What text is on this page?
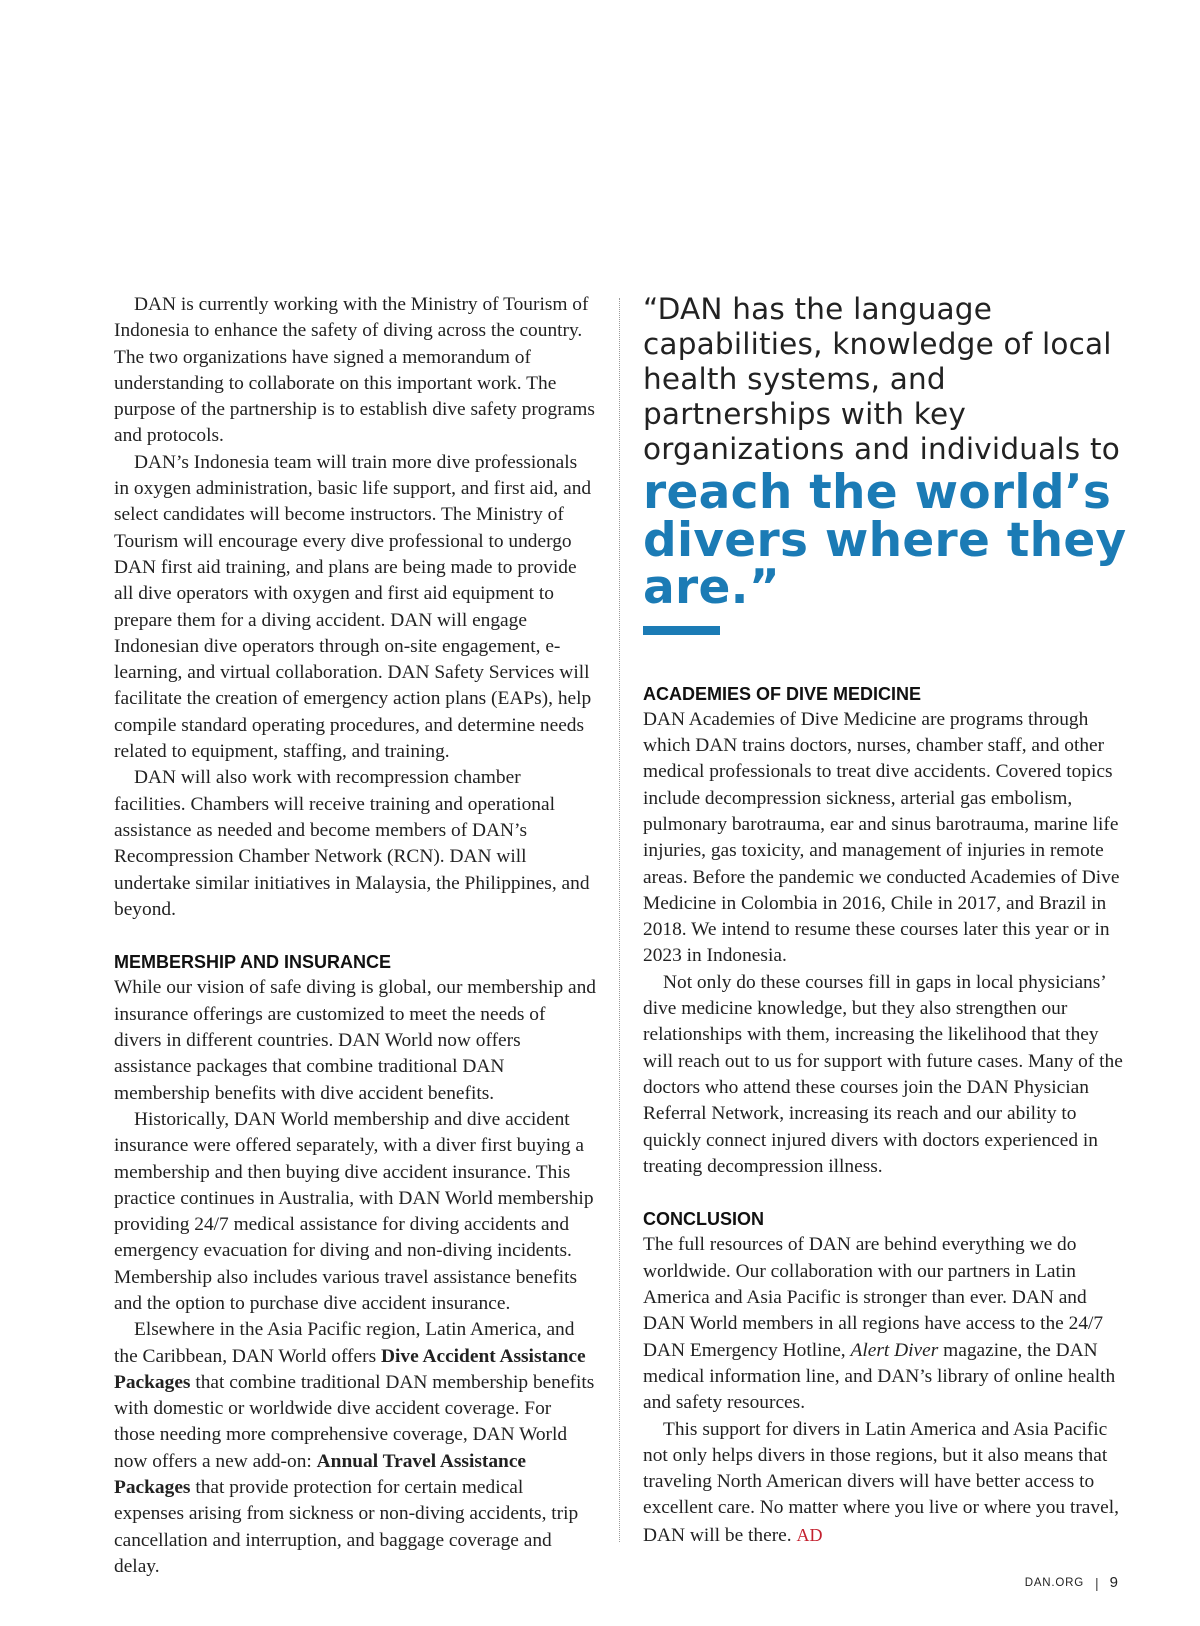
DAN is currently working with the Ministry of Tourism of Indonesia to enhance the safety of diving across the country. The two organizations have signed a memorandum of understanding to collaborate on this important work. The purpose of the partnership is to establish dive safety programs and protocols.

DAN’s Indonesia team will train more dive professionals in oxygen administration, basic life support, and first aid, and select candidates will become instructors. The Ministry of Tourism will encourage every dive professional to undergo DAN first aid training, and plans are being made to provide all dive operators with oxygen and first aid equipment to prepare them for a diving accident. DAN will engage Indonesian dive operators through on-site engagement, e-learning, and virtual collaboration. DAN Safety Services will facilitate the creation of emergency action plans (EAPs), help compile standard operating procedures, and determine needs related to equipment, staffing, and training.

DAN will also work with recompression chamber facilities. Chambers will receive training and operational assistance as needed and become members of DAN’s Recompression Chamber Network (RCN). DAN will undertake similar initiatives in Malaysia, the Philippines, and beyond.

MEMBERSHIP AND INSURANCE

While our vision of safe diving is global, our membership and insurance offerings are customized to meet the needs of divers in different countries. DAN World now offers assistance packages that combine traditional DAN membership benefits with dive accident benefits.

Historically, DAN World membership and dive accident insurance were offered separately, with a diver first buying a membership and then buying dive accident insurance. This practice continues in Australia, with DAN World membership providing 24/7 medical assistance for diving accidents and emergency evacuation for diving and non-diving incidents. Membership also includes various travel assistance benefits and the option to purchase dive accident insurance.

Elsewhere in the Asia Pacific region, Latin America, and the Caribbean, DAN World offers Dive Accident Assistance Packages that combine traditional DAN membership benefits with domestic or worldwide dive accident coverage. For those needing more comprehensive coverage, DAN World now offers a new add-on: Annual Travel Assistance Packages that provide protection for certain medical expenses arising from sickness or non-diving accidents, trip cancellation and interruption, and baggage coverage and delay.

“DAN has the language capabilities, knowledge of local health systems, and partnerships with key organizations and individuals to
reach the world’s divers where they are.”
ACADEMIES OF DIVE MEDICINE

DAN Academies of Dive Medicine are programs through which DAN trains doctors, nurses, chamber staff, and other medical professionals to treat dive accidents. Covered topics include decompression sickness, arterial gas embolism, pulmonary barotrauma, ear and sinus barotrauma, marine life injuries, gas toxicity, and management of injuries in remote areas. Before the pandemic we conducted Academies of Dive Medicine in Colombia in 2016, Chile in 2017, and Brazil in 2018. We intend to resume these courses later this year or in 2023 in Indonesia.

Not only do these courses fill in gaps in local physicians’ dive medicine knowledge, but they also strengthen our relationships with them, increasing the likelihood that they will reach out to us for support with future cases. Many of the doctors who attend these courses join the DAN Physician Referral Network, increasing its reach and our ability to quickly connect injured divers with doctors experienced in treating decompression illness.

CONCLUSION

The full resources of DAN are behind everything we do worldwide. Our collaboration with our partners in Latin America and Asia Pacific is stronger than ever. DAN and DAN World members in all regions have access to the 24/7 DAN Emergency Hotline, Alert Diver magazine, the DAN medical information line, and DAN’s library of online health and safety resources.

This support for divers in Latin America and Asia Pacific not only helps divers in those regions, but it also means that traveling North American divers will have better access to excellent care. No matter where you live or where you travel, DAN will be there. AD

DAN.ORG | 9
